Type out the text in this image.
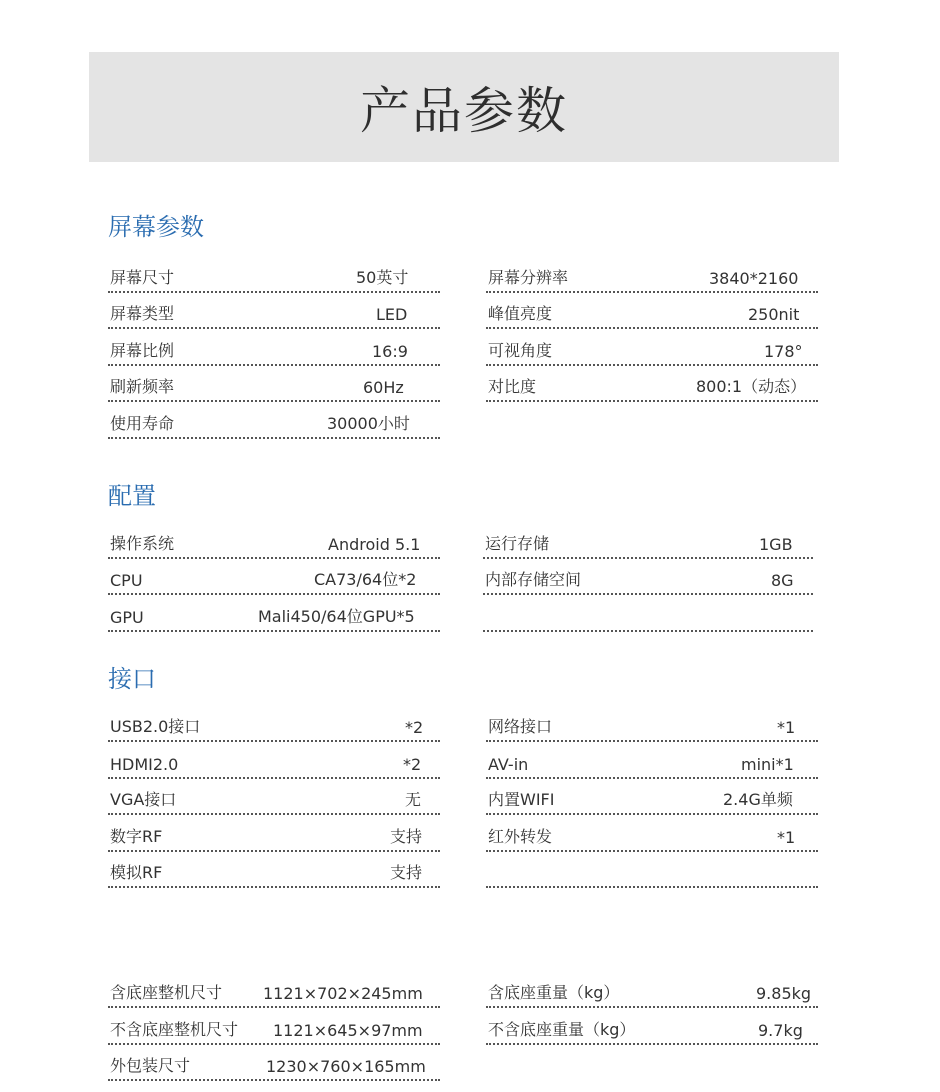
产品参数
屏幕参数
屏幕尺寸	50英寸
屏幕类型	LED
屏幕比例	16:9
刷新频率	60Hz
使用寿命	30000小时
屏幕分辨率	3840*2160
峰值亮度	250nit
可视角度	178°
对比度	800:1（动态）
配置
操作系统	Android 5.1
CPU	CA73/64位*2
GPU	Mali450/64位GPU*5
运行存储	1GB
内部存储空间	8G
接口
USB2.0接口	*2
HDMI2.0	*2
VGA接口	无
数字RF	支持
模拟RF	支持
网络接口	*1
AV-in	mini*1
内置WIFI	2.4G单频
红外转发	*1
含底座整机尺寸	1121×702×245mm
不含底座整机尺寸 1121×645×97mm
外包装尺寸	1230×760×165mm
含底座重量（kg）	9.85kg
不含底座重量（kg）	9.7kg
